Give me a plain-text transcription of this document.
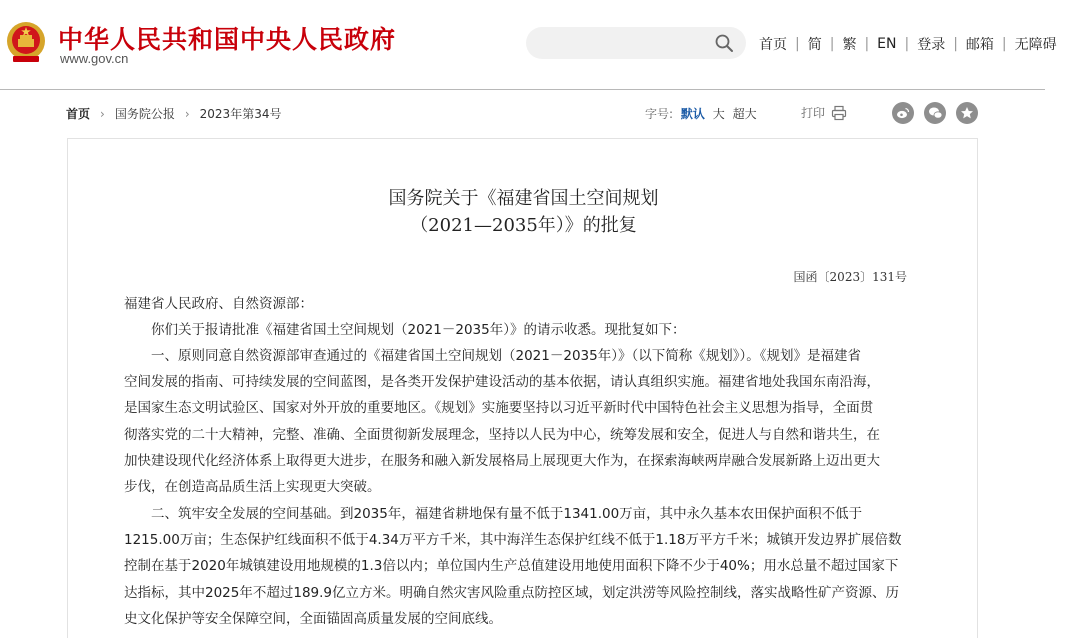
中华人民共和国中央人民政府
www.gov.cn
首页 | 简 | 繁 | EN | 登录 | 邮箱 | 无障碍
首页 › 国务院公报 › 2023年第34号	字号: 默认 大 超大	打印
国务院关于《福建省国土空间规划
（2021—2035年）》的批复
国函〔2023〕131号
福建省人民政府、自然资源部：
你们关于报请批准《福建省国土空间规划（2021－2035年）》的请示收悉。现批复如下：
一、原则同意自然资源部审查通过的《福建省国土空间规划（2021－2035年）》（以下简称《规划》）。《规划》是福建省
空间发展的指南、可持续发展的空间蓝图，是各类开发保护建设活动的基本依据，请认真组织实施。福建省地处我国东南沿海，
是国家生态文明试验区、国家对外开放的重要地区。《规划》实施要坚持以习近平新时代中国特色社会主义思想为指导，全面贯
彻落实党的二十大精神，完整、准确、全面贯彻新发展理念，坚持以人民为中心，统筹发展和安全，促进人与自然和谐共生，在
加快建设现代化经济体系上取得更大进步，在服务和融入新发展格局上展现更大作为，在探索海峡两岸融合发展新路上迈出更大
步伐，在创造高品质生活上实现更大突破。
二、筑牢安全发展的空间基础。到2035年，福建省耕地保有量不低于1341.00万亩，其中永久基本农田保护面积不低于
1215.00万亩；生态保护红线面积不低于4.34万平方千米，其中海洋生态保护红线不低于1.18万平方千米；城镇开发边界扩展倍数
控制在基于2020年城镇建设用地规模的1.3倍以内；单位国内生产总值建设用地使用面积下降不少于40%；用水总量不超过国家下
达指标，其中2025年不超过189.9亿立方米。明确自然灾害风险重点防控区域，划定洪涝等风险控制线，落实战略性矿产资源、历
史文化保护等安全保障空间，全面锚固高质量发展的空间底线。
